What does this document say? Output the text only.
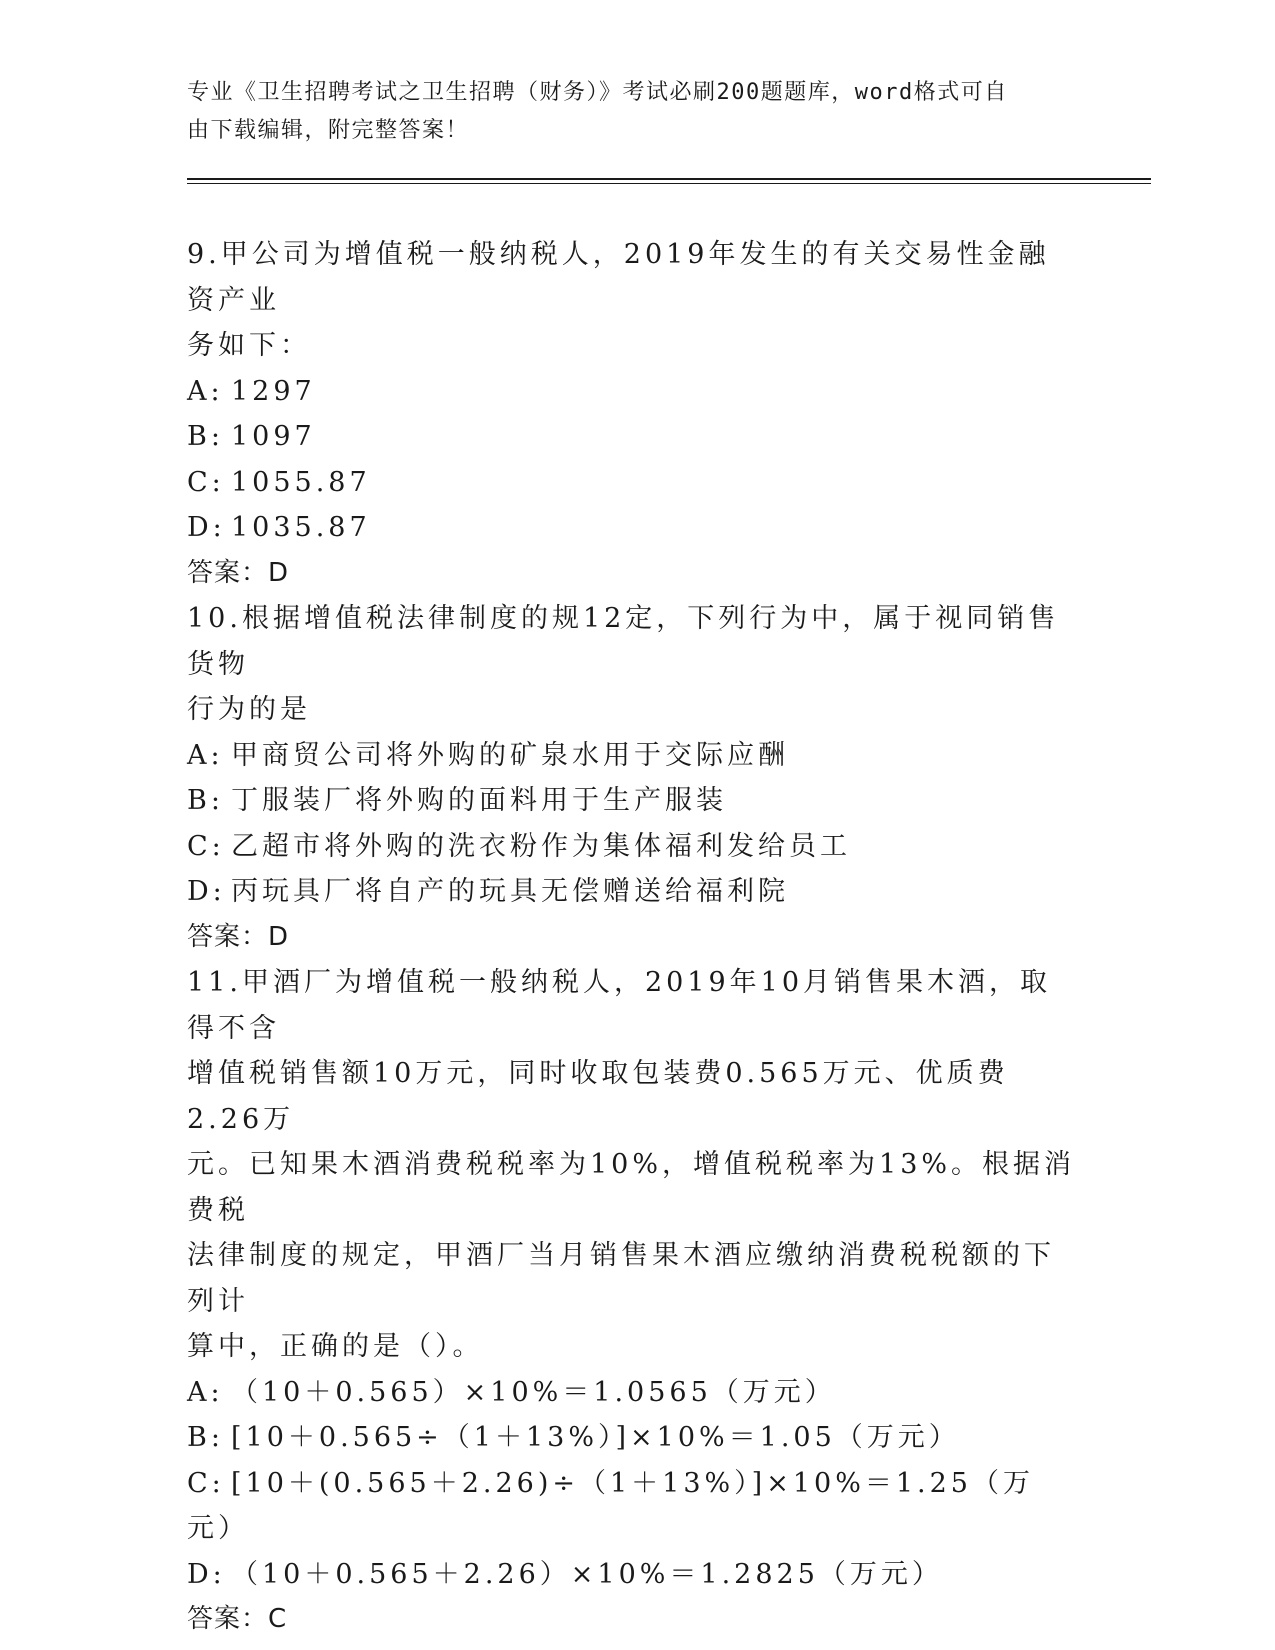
专业《卫生招聘考试之卫生招聘（财务）》考试必刷200题题库，word格式可自
由下载编辑，附完整答案！

9.甲公司为增值税一般纳税人，2019年发生的有关交易性金融资产业

务如下：

A: 1297

B: 1097

C: 1055.87

D: 1035.87

答案：D

10.根据增值税法律制度的规12定，下列行为中，属于视同销售货物

行为的是

A: 甲商贸公司将外购的矿泉水用于交际应酬

B: 丁服装厂将外购的面料用于生产服装

C: 乙超市将外购的洗衣粉作为集体福利发给员工

D: 丙玩具厂将自产的玩具无偿赠送给福利院

答案：D

11.甲酒厂为增值税一般纳税人，2019年10月销售果木酒，取得不含

增值税销售额10万元，同时收取包装费0.565万元、优质费2.26万

元。已知果木酒消费税税率为10%，增值税税率为13%。根据消费税

法律制度的规定，甲酒厂当月销售果木酒应缴纳消费税税额的下列计

算中，正确的是（）。

A: （10＋0.565）×10%＝1.0565（万元）

B: [10＋0.565÷（1＋13%）]×10%＝1.05（万元）

C: [10＋(0.565＋2.26)÷（1＋13%）]×10%＝1.25（万元）

D: （10＋0.565＋2.26）×10%＝1.2825（万元）

答案：C
